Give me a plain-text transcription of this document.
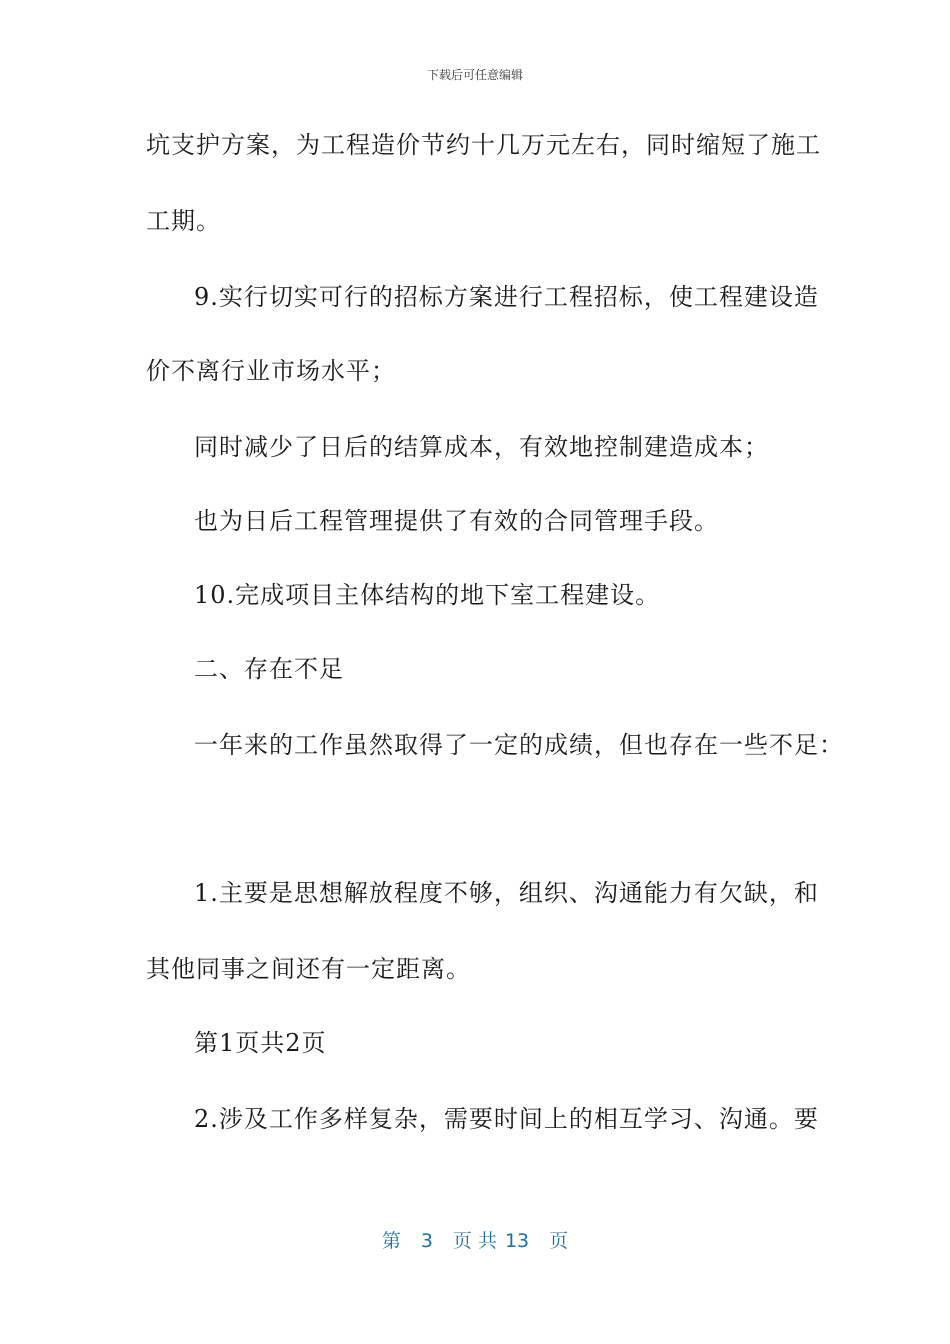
下载后可任意编辑
坑支护方案，为工程造价节约十几万元左右，同时缩短了施工
工期。
9.实行切实可行的招标方案进行工程招标，使工程建设造
价不离行业市场水平；
同时减少了日后的结算成本，有效地控制建造成本；
也为日后工程管理提供了有效的合同管理手段。
10.完成项目主体结构的地下室工程建设。
二、存在不足
一年来的工作虽然取得了一定的成绩，但也存在一些不足：
1.主要是思想解放程度不够，组织、沟通能力有欠缺，和
其他同事之间还有一定距离。
第1页共2页
2.涉及工作多样复杂，需要时间上的相互学习、沟通。要
第 3 页 共 13 页
